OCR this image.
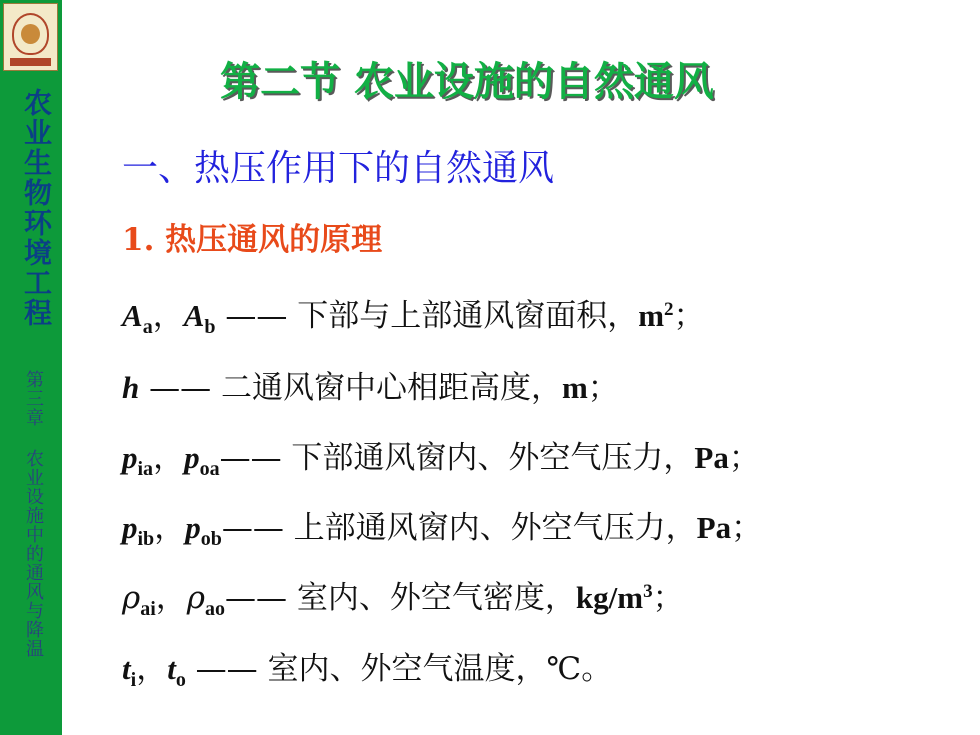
农业生物环境工程
第三章 农业设施中的通风与降温
第二节 农业设施的自然通风
一、热压作用下的自然通风
1. 热压通风的原理
$A_a$，$A_b$ —— 下部与上部通风窗面积，$m^2$；
h —— 二通风窗中心相距高度，m；
$p_{ia}$，$p_{oa}——$ 下部通风窗内、外空气压力，Pa；
$p_{ib}$，$p_{ob}——$ 上部通风窗内、外空气压力，Pa；
$\rho_{ai}$，$\rho_{ao}——$ 室内、外空气密度，$kg/m^3$；
$t_i$，$t_o$ —— 室内、外空气温度，℃。
